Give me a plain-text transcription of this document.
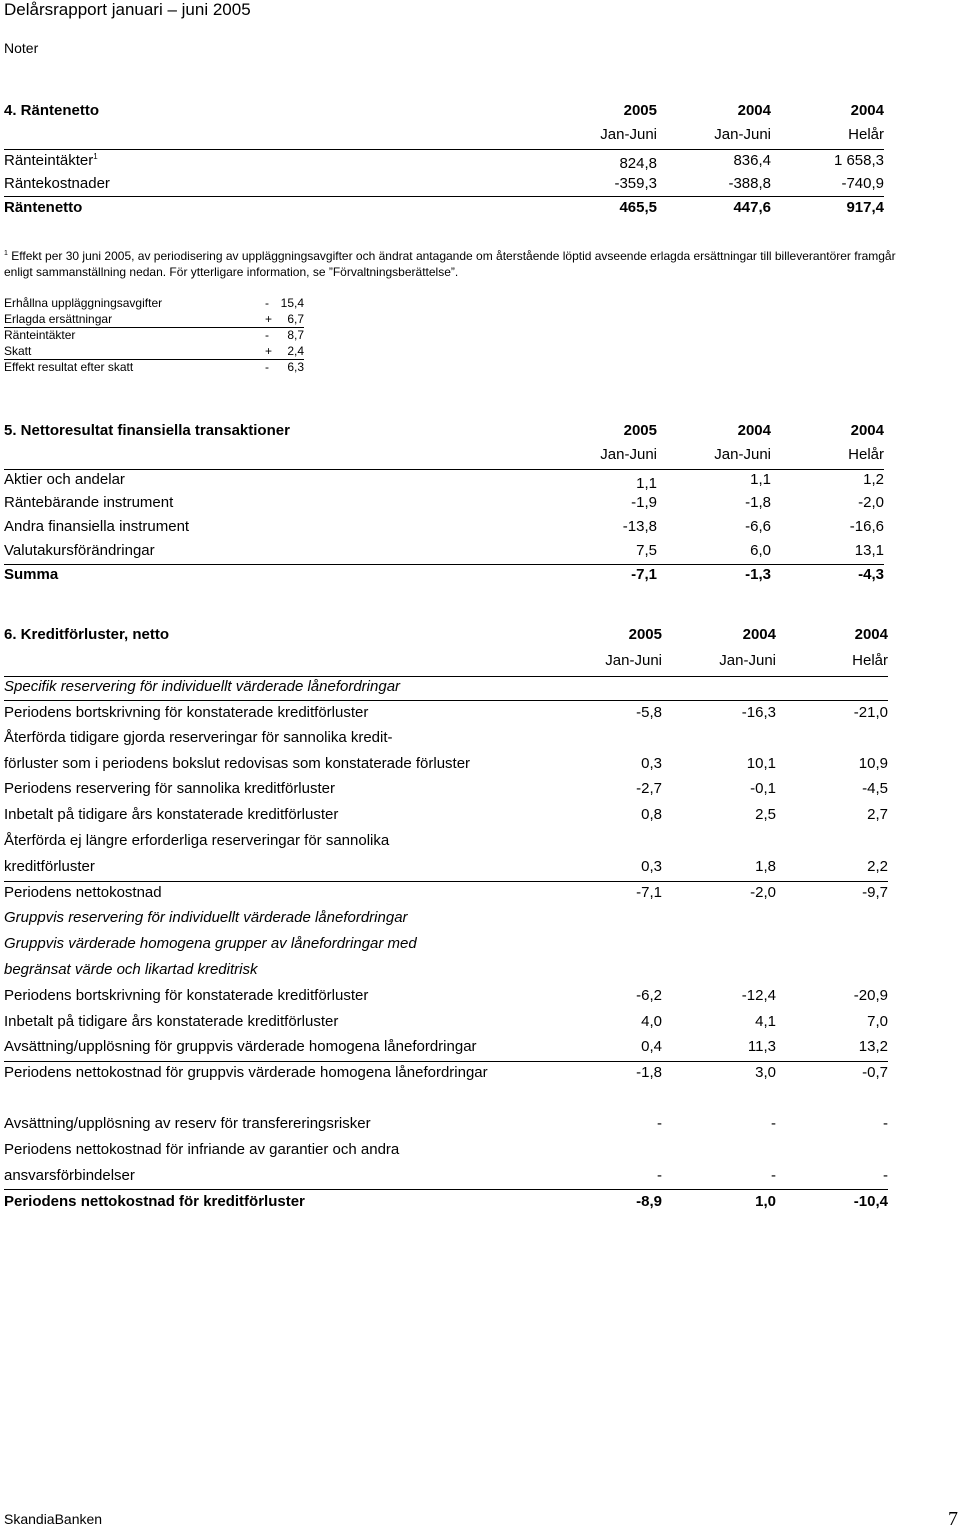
Delårsrapport januari – juni 2005
Noter
4. Räntenetto	2005	2004	2004
Jan-Juni	Jan-Juni	Helår
Ränteintäkter$^1$	824,8	836,4	1 658,3
Räntekostnader	-359,3	-388,8	-740,9
Räntenetto	465,5	447,6	917,4
$^1$ Effekt per 30 juni 2005, av periodisering av uppläggningsavgifter och ändrat antagande om återstående löptid avseende erlagda ersättningar till billeverantörer framgår enligt sammanställning nedan. För ytterligare information, se ”Förvaltningsberättelse”.
Erhållna uppläggningsavgifter	- 15,4
Erlagda ersättningar	+ 6,7
Ränteintäkter	- 8,7
Skatt	+ 2,4
Effekt resultat efter skatt	- 6,3
5. Nettoresultat finansiella transaktioner	2005	2004	2004
Jan-Juni	Jan-Juni	Helår
Aktier och andelar	1,1	1,1	1,2
Räntebärande instrument	-1,9	-1,8	-2,0
Andra finansiella instrument	-13,8	-6,6	-16,6
Valutakursförändringar	7,5	6,0	13,1
Summa	-7,1	-1,3	-4,3
6. Kreditförluster, netto	2005	2004	2004
Jan-Juni	Jan-Juni	Helår
Specifik reservering för individuellt värderade lånefordringar
Periodens bortskrivning för konstaterade kreditförluster	-5,8	-16,3	-21,0
Återförda tidigare gjorda reserveringar för sannolika kredit-
förluster som i periodens bokslut redovisas som konstaterade förluster	0,3	10,1	10,9
Periodens reservering för sannolika kreditförluster	-2,7	-0,1	-4,5
Inbetalt på tidigare års konstaterade kreditförluster	0,8	2,5	2,7
Återförda ej längre erforderliga reserveringar för sannolika
kreditförluster	0,3	1,8	2,2
Periodens nettokostnad	-7,1	-2,0	-9,7
Gruppvis reservering för individuellt värderade lånefordringar
Gruppvis värderade homogena grupper av lånefordringar med
begränsat värde och likartad kreditrisk
Periodens bortskrivning för konstaterade kreditförluster	-6,2	-12,4	-20,9
Inbetalt på tidigare års konstaterade kreditförluster	4,0	4,1	7,0
Avsättning/upplösning för gruppvis värderade homogena lånefordringar	0,4	11,3	13,2
Periodens nettokostnad för gruppvis värderade homogena lånefordringar	-1,8	3,0	-0,7
Avsättning/upplösning av reserv för transfereringsrisker	-	-	-
Periodens nettokostnad för infriande av garantier och andra
ansvarsförbindelser	-	-	-
Periodens nettokostnad för kreditförluster	-8,9	1,0	-10,4
SkandiaBanken	7
